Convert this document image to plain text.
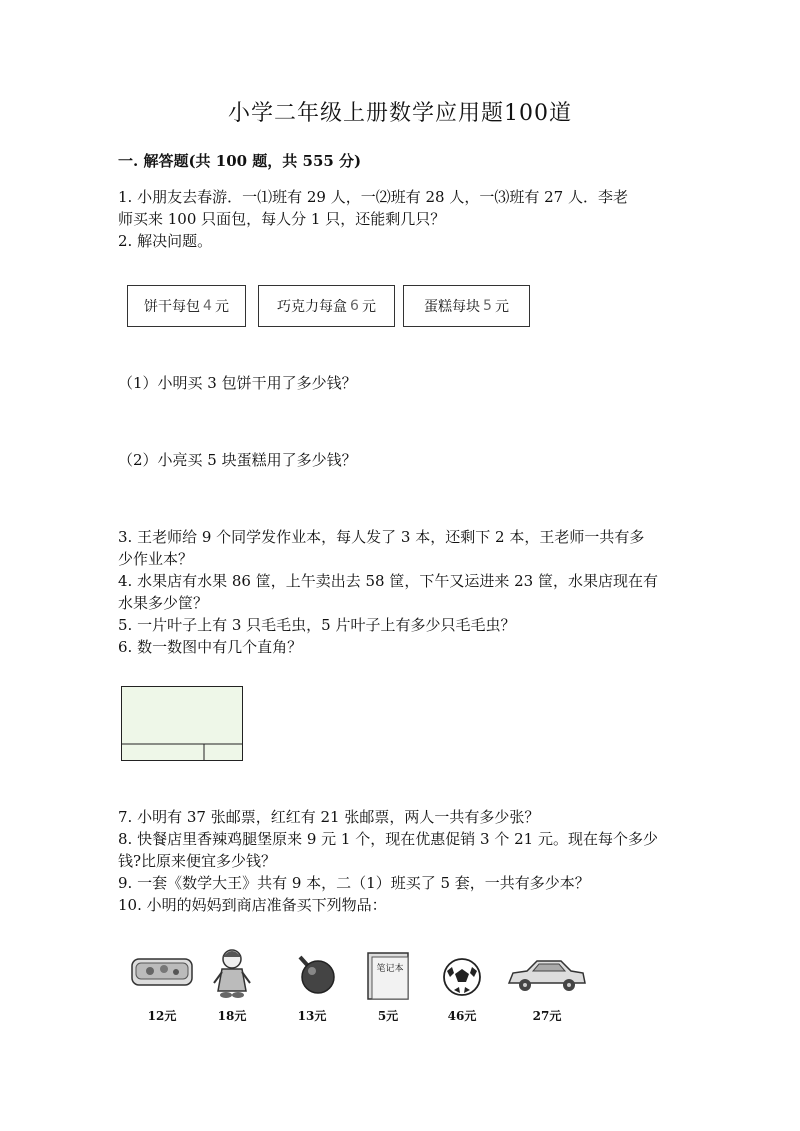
小学二年级上册数学应用题100道
一. 解答题(共 100 题，共 555 分)
1. 小朋友去春游．一⑴班有 29 人，一⑵班有 28 人，一⑶班有 27 人．李老
师买来 100 只面包，每人分 1 只，还能剩几只？
2. 解决问题。
饼干每包 4 元	巧克力每盒 6 元	蛋糕每块 5 元
（1）小明买 3 包饼干用了多少钱？
（2）小亮买 5 块蛋糕用了多少钱？
3. 王老师给 9 个同学发作业本，每人发了 3 本，还剩下 2 本，王老师一共有多
少作业本？
4. 水果店有水果 86 筐，上午卖出去 58 筐，下午又运进来 23 筐，水果店现在有
水果多少筐？
5. 一片叶子上有 3 只毛毛虫，5 片叶子上有多少只毛毛虫？
6. 数一数图中有几个直角？
7. 小明有 37 张邮票，红红有 21 张邮票，两人一共有多少张？
8. 快餐店里香辣鸡腿堡原来 9 元 1 个，现在优惠促销 3 个 21 元。现在每个多少
钱?比原来便宜多少钱？
9. 一套《数学大王》共有 9 本，二（1）班买了 5 套，一共有多少本？
10. 小明的妈妈到商店准备买下列物品：
12元	18元	13元
笔记本
5元	46元	27元
